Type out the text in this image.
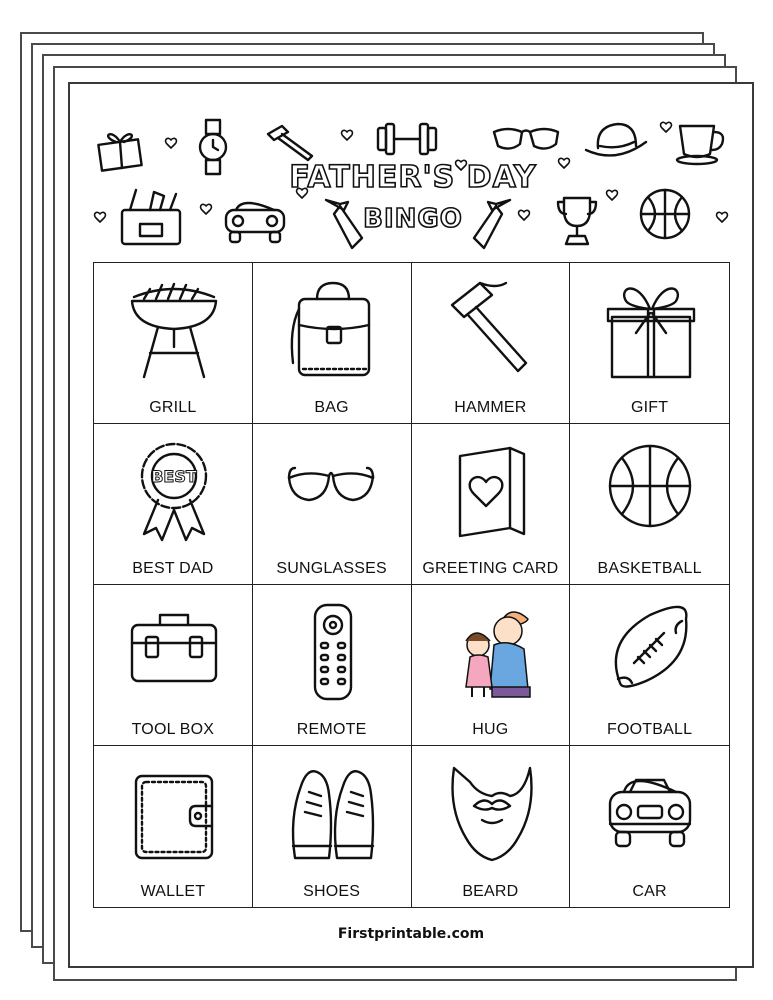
FATHER'S DAY
BINGO
GRILL	BAG	HAMMER	GIFT
BEST
BEST DAD	SUNGLASSES	GREETING CARD	BASKETBALL
TOOL BOX	REMOTE	HUG	FOOTBALL
WALLET	SHOES	BEARD	CAR
Firstprintable.com
